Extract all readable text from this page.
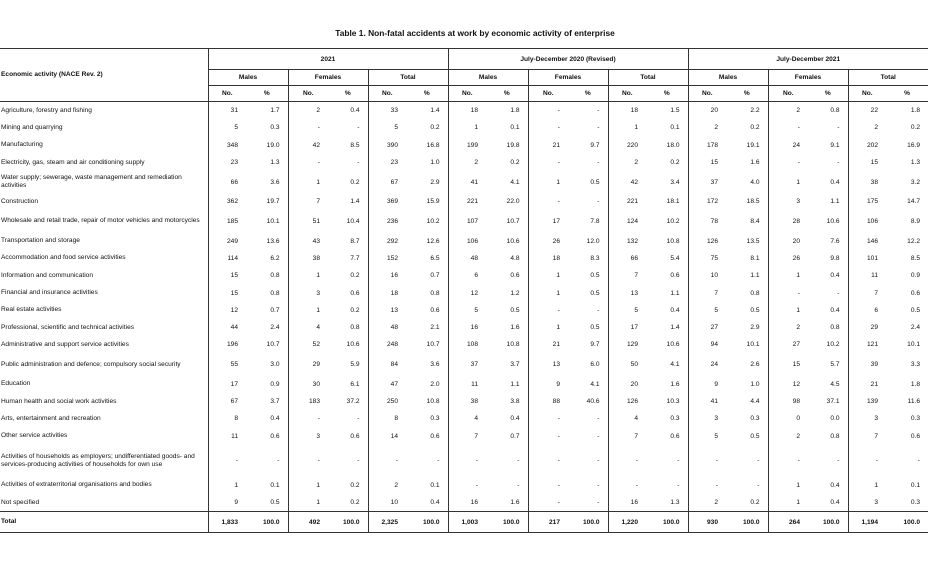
Table 1. Non-fatal accidents at work by economic activity of enterprise
Economic activity (NACE Rev. 2)	2021						July-December 2020 (Revised)						July-December 2021					
	Males		Females		Total		Males		Females		Total		Males		Females		Total	
	No.	%	No.	%	No.	%	No.	%	No.	%	No.	%	No.	%	No.	%	No.	%
Agriculture, forestry and fishing	31	1.7	2	0.4	33	1.4	18	1.8	-	-	18	1.5	20	2.2	2	0.8	22	1.8
Mining and quarrying	5	0.3	-	-	5	0.2	1	0.1	-	-	1	0.1	2	0.2	-	-	2	0.2
Manufacturing	348	19.0	42	8.5	390	16.8	199	19.8	21	9.7	220	18.0	178	19.1	24	9.1	202	16.9
Electricity, gas, steam and air conditioning supply	23	1.3	-	-	23	1.0	2	0.2	-	-	2	0.2	15	1.6	-	-	15	1.3
Water supply; sewerage, waste management and remediation activities	66	3.6	1	0.2	67	2.9	41	4.1	1	0.5	42	3.4	37	4.0	1	0.4	38	3.2
Construction	362	19.7	7	1.4	369	15.9	221	22.0	-	-	221	18.1	172	18.5	3	1.1	175	14.7
Wholesale and retail trade, repair of motor vehicles and motorcycles	185	10.1	51	10.4	236	10.2	107	10.7	17	7.8	124	10.2	78	8.4	28	10.6	106	8.9
Transportation and storage	249	13.6	43	8.7	292	12.6	106	10.6	26	12.0	132	10.8	126	13.5	20	7.6	146	12.2
Accommodation and food service activities	114	6.2	38	7.7	152	6.5	48	4.8	18	8.3	66	5.4	75	8.1	26	9.8	101	8.5
Information and communication	15	0.8	1	0.2	16	0.7	6	0.6	1	0.5	7	0.6	10	1.1	1	0.4	11	0.9
Financial and insurance activities	15	0.8	3	0.6	18	0.8	12	1.2	1	0.5	13	1.1	7	0.8	-	-	7	0.6
Real estate activities	12	0.7	1	0.2	13	0.6	5	0.5	-	-	5	0.4	5	0.5	1	0.4	6	0.5
Professional, scientific and technical activities	44	2.4	4	0.8	48	2.1	16	1.6	1	0.5	17	1.4	27	2.9	2	0.8	29	2.4
Administrative and support service activities	196	10.7	52	10.6	248	10.7	108	10.8	21	9.7	129	10.6	94	10.1	27	10.2	121	10.1
Public administration and defence; compulsory social security	55	3.0	29	5.9	84	3.6	37	3.7	13	6.0	50	4.1	24	2.6	15	5.7	39	3.3
Education	17	0.9	30	6.1	47	2.0	11	1.1	9	4.1	20	1.6	9	1.0	12	4.5	21	1.8
Human health and social work activities	67	3.7	183	37.2	250	10.8	38	3.8	88	40.6	126	10.3	41	4.4	98	37.1	139	11.6
Arts, entertainment and recreation	8	0.4	-	-	8	0.3	4	0.4	-	-	4	0.3	3	0.3	0	0.0	3	0.3
Other service activities	11	0.6	3	0.6	14	0.6	7	0.7	-	-	7	0.6	5	0.5	2	0.8	7	0.6
Activities of households as employers; undifferentiated goods- and services-producing activities of households for own use	-	-	-	-	-	-	-	-	-	-	-	-	-	-	-	-	-	-
Activities of extraterritorial organisations and bodies	1	0.1	1	0.2	2	0.1	-	-	-	-	-	-	-	-	1	0.4	1	0.1
Not specified	9	0.5	1	0.2	10	0.4	16	1.6	-	-	16	1.3	2	0.2	1	0.4	3	0.3
Total	1,833	100.0	492	100.0	2,325	100.0	1,003	100.0	217	100.0	1,220	100.0	930	100.0	264	100.0	1,194	100.0
